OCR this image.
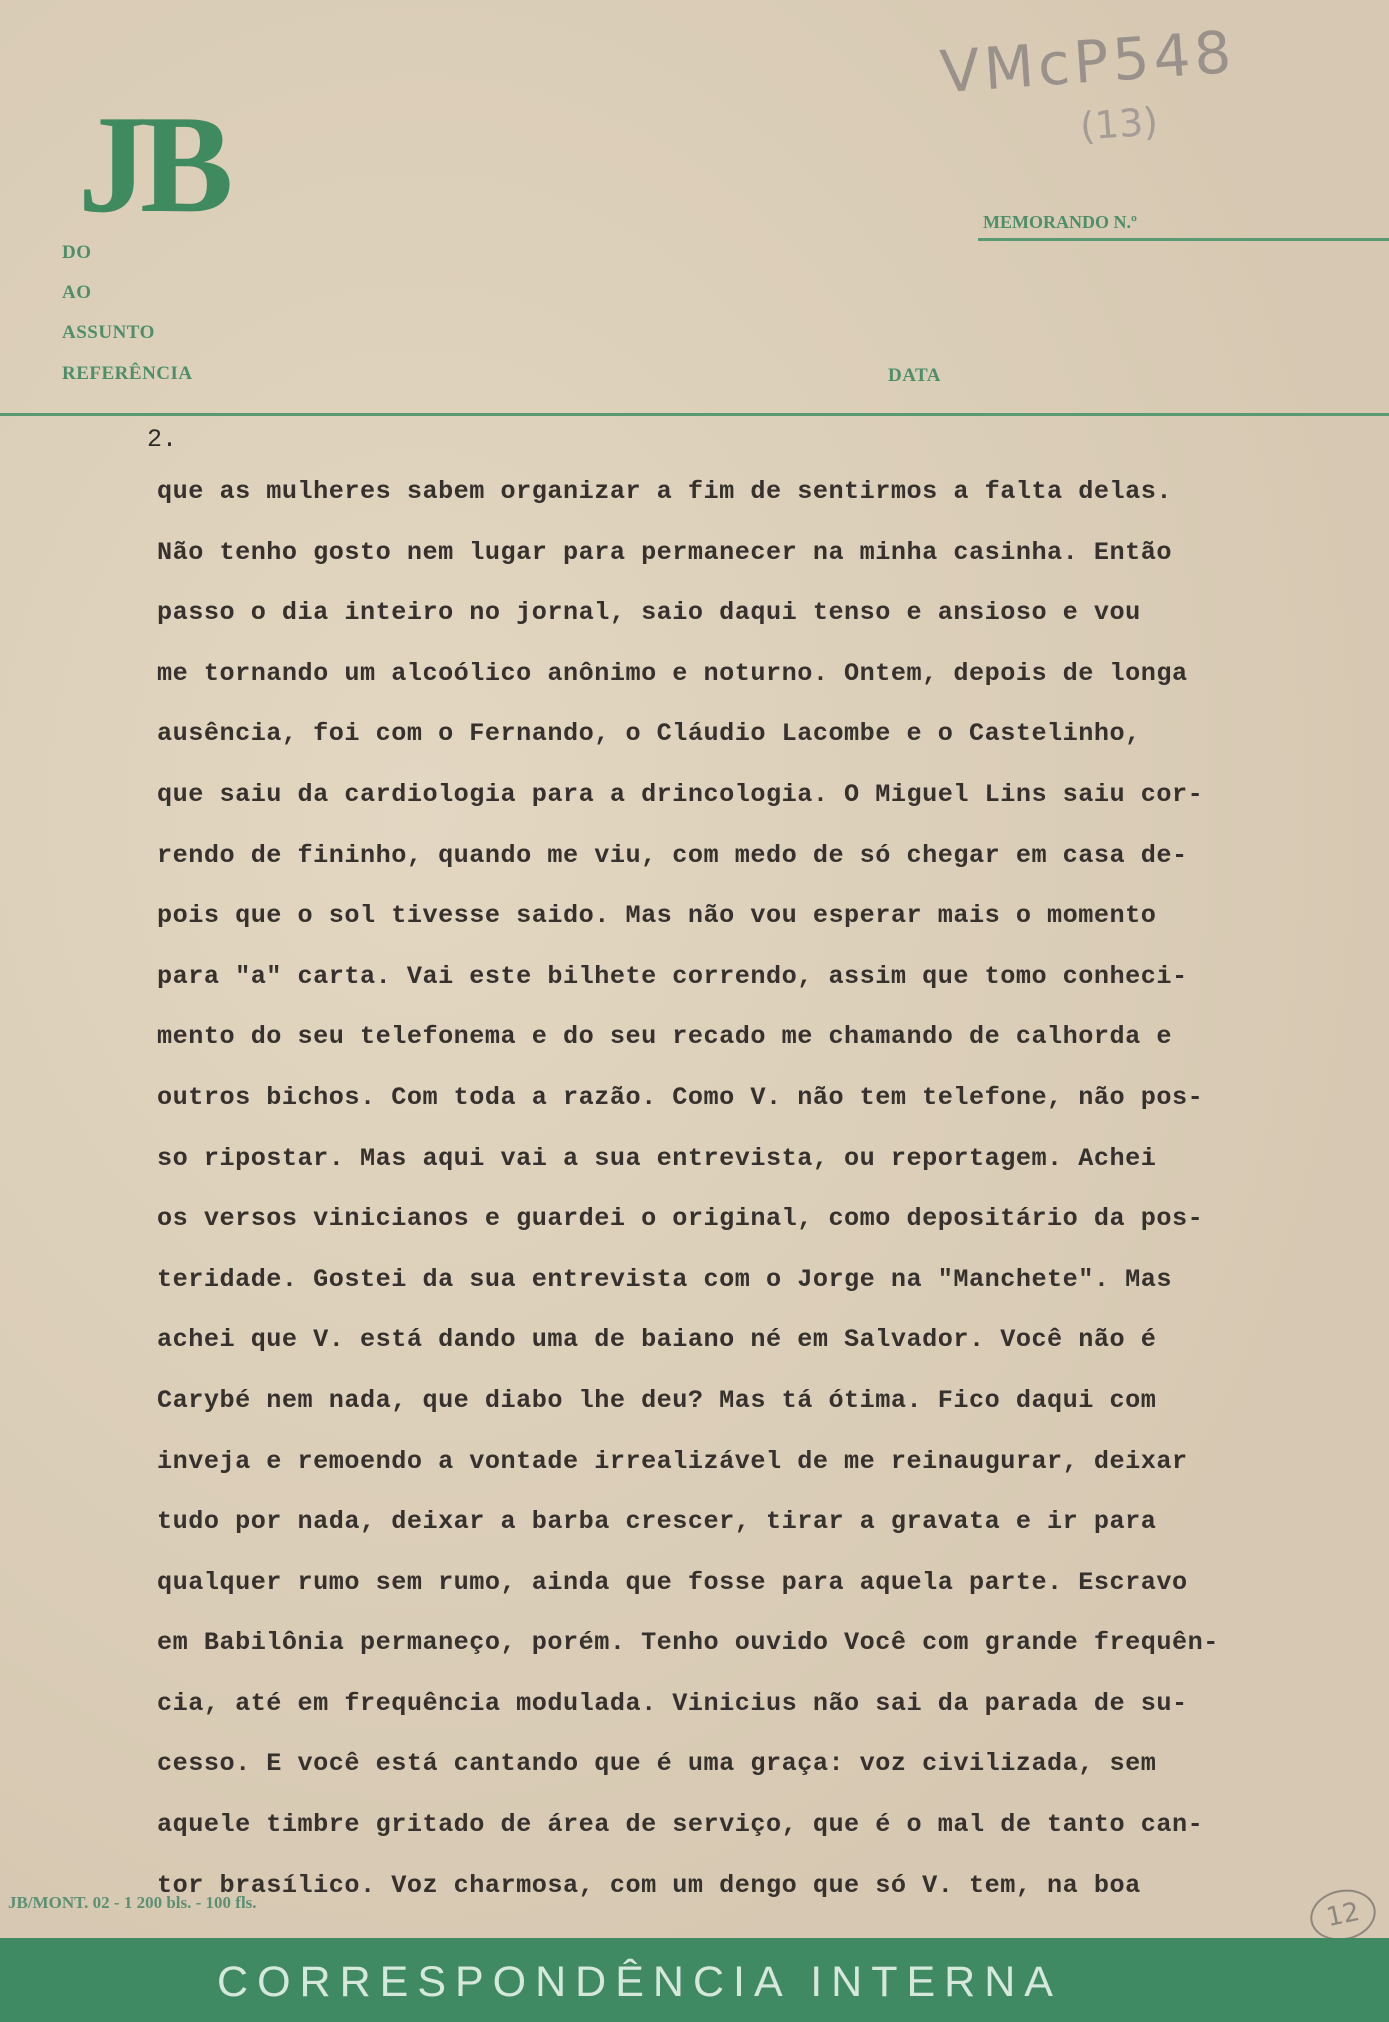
JB
VMcP548
(13)
DO
AO
ASSUNTO
REFERÊNCIA	DATA
MEMORANDO N.º
2.
que as mulheres sabem organizar a fim de sentirmos a falta delas.
Não tenho gosto nem lugar para permanecer na minha casinha. Então
passo o dia inteiro no jornal, saio daqui tenso e ansioso e vou
me tornando um alcoólico anônimo e noturno. Ontem, depois de longa
ausência, foi com o Fernando, o Cláudio Lacombe e o Castelinho,
que saiu da cardiologia para a drincologia. O Miguel Lins saiu cor-
rendo de fininho, quando me viu, com medo de só chegar em casa de-
pois que o sol tivesse saido. Mas não vou esperar mais o momento
para "a" carta. Vai este bilhete correndo, assim que tomo conheci-
mento do seu telefonema e do seu recado me chamando de calhorda e
outros bichos. Com toda a razão. Como V. não tem telefone, não pos-
so ripostar. Mas aqui vai a sua entrevista, ou reportagem. Achei
os versos vinicianos e guardei o original, como depositário da pos-
teridade. Gostei da sua entrevista com o Jorge na "Manchete". Mas
achei que V. está dando uma de baiano né em Salvador. Você não é
Carybé nem nada, que diabo lhe deu? Mas tá ótima. Fico daqui com
inveja e remoendo a vontade irrealizável de me reinaugurar, deixar
tudo por nada, deixar a barba crescer, tirar a gravata e ir para
qualquer rumo sem rumo, ainda que fosse para aquela parte. Escravo
em Babilônia permaneço, porém. Tenho ouvido Você com grande frequên-
cia, até em frequência modulada. Vinicius não sai da parada de su-
cesso. E você está cantando que é uma graça: voz civilizada, sem
aquele timbre gritado de área de serviço, que é o mal de tanto can-
tor brasílico. Voz charmosa, com um dengo que só V. tem, na boa
JB/MONT. 02 - 1 200 bls. - 100 fls.	12
CORRESPONDÊNCIA INTERNA
